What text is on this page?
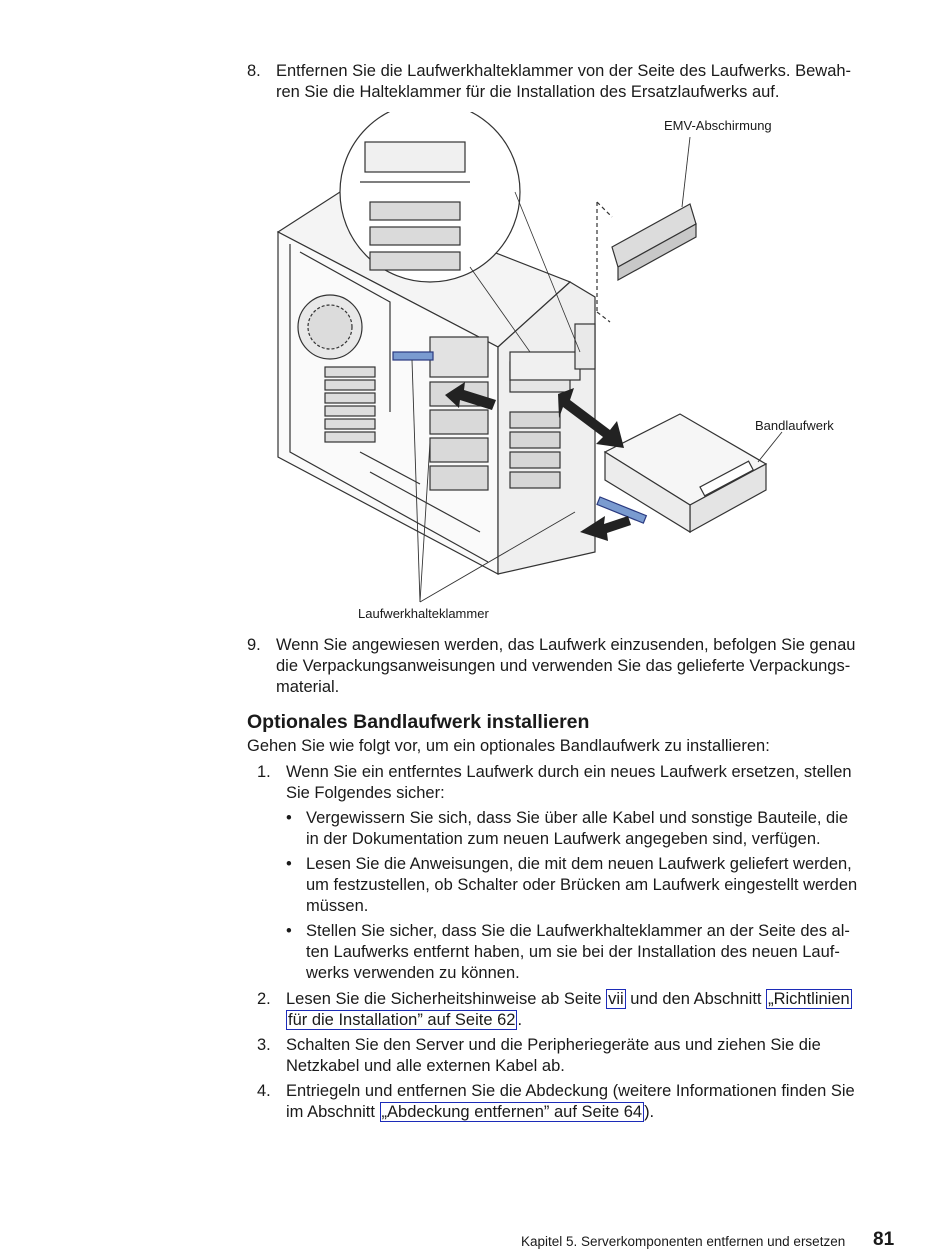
8. Entfernen Sie die Laufwerkhalteklammer von der Seite des Laufwerks. Bewah-
ren Sie die Halteklammer für die Installation des Ersatzlaufwerks auf.
EMV-Abschirmung
Bandlaufwerk
Laufwerkhalteklammer
9. Wenn Sie angewiesen werden, das Laufwerk einzusenden, befolgen Sie genau
die Verpackungsanweisungen und verwenden Sie das gelieferte Verpackungs-
material.
Optionales Bandlaufwerk installieren
Gehen Sie wie folgt vor, um ein optionales Bandlaufwerk zu installieren:
1. Wenn Sie ein entferntes Laufwerk durch ein neues Laufwerk ersetzen, stellen
Sie Folgendes sicher:
• Vergewissern Sie sich, dass Sie über alle Kabel und sonstige Bauteile, die
in der Dokumentation zum neuen Laufwerk angegeben sind, verfügen.
• Lesen Sie die Anweisungen, die mit dem neuen Laufwerk geliefert werden,
um festzustellen, ob Schalter oder Brücken am Laufwerk eingestellt werden
müssen.
• Stellen Sie sicher, dass Sie die Laufwerkhalteklammer an der Seite des al-
ten Laufwerks entfernt haben, um sie bei der Installation des neuen Lauf-
werks verwenden zu können.
2. Lesen Sie die Sicherheitshinweise ab Seite vii und den Abschnitt „Richtlinien
für die Installation” auf Seite 62 .
3. Schalten Sie den Server und die Peripheriegeräte aus und ziehen Sie die
Netzkabel und alle externen Kabel ab.
4. Entriegeln und entfernen Sie die Abdeckung (weitere Informationen finden Sie
im Abschnitt „Abdeckung entfernen” auf Seite 64 ).
Kapitel 5. Serverkomponenten entfernen und ersetzen 81
